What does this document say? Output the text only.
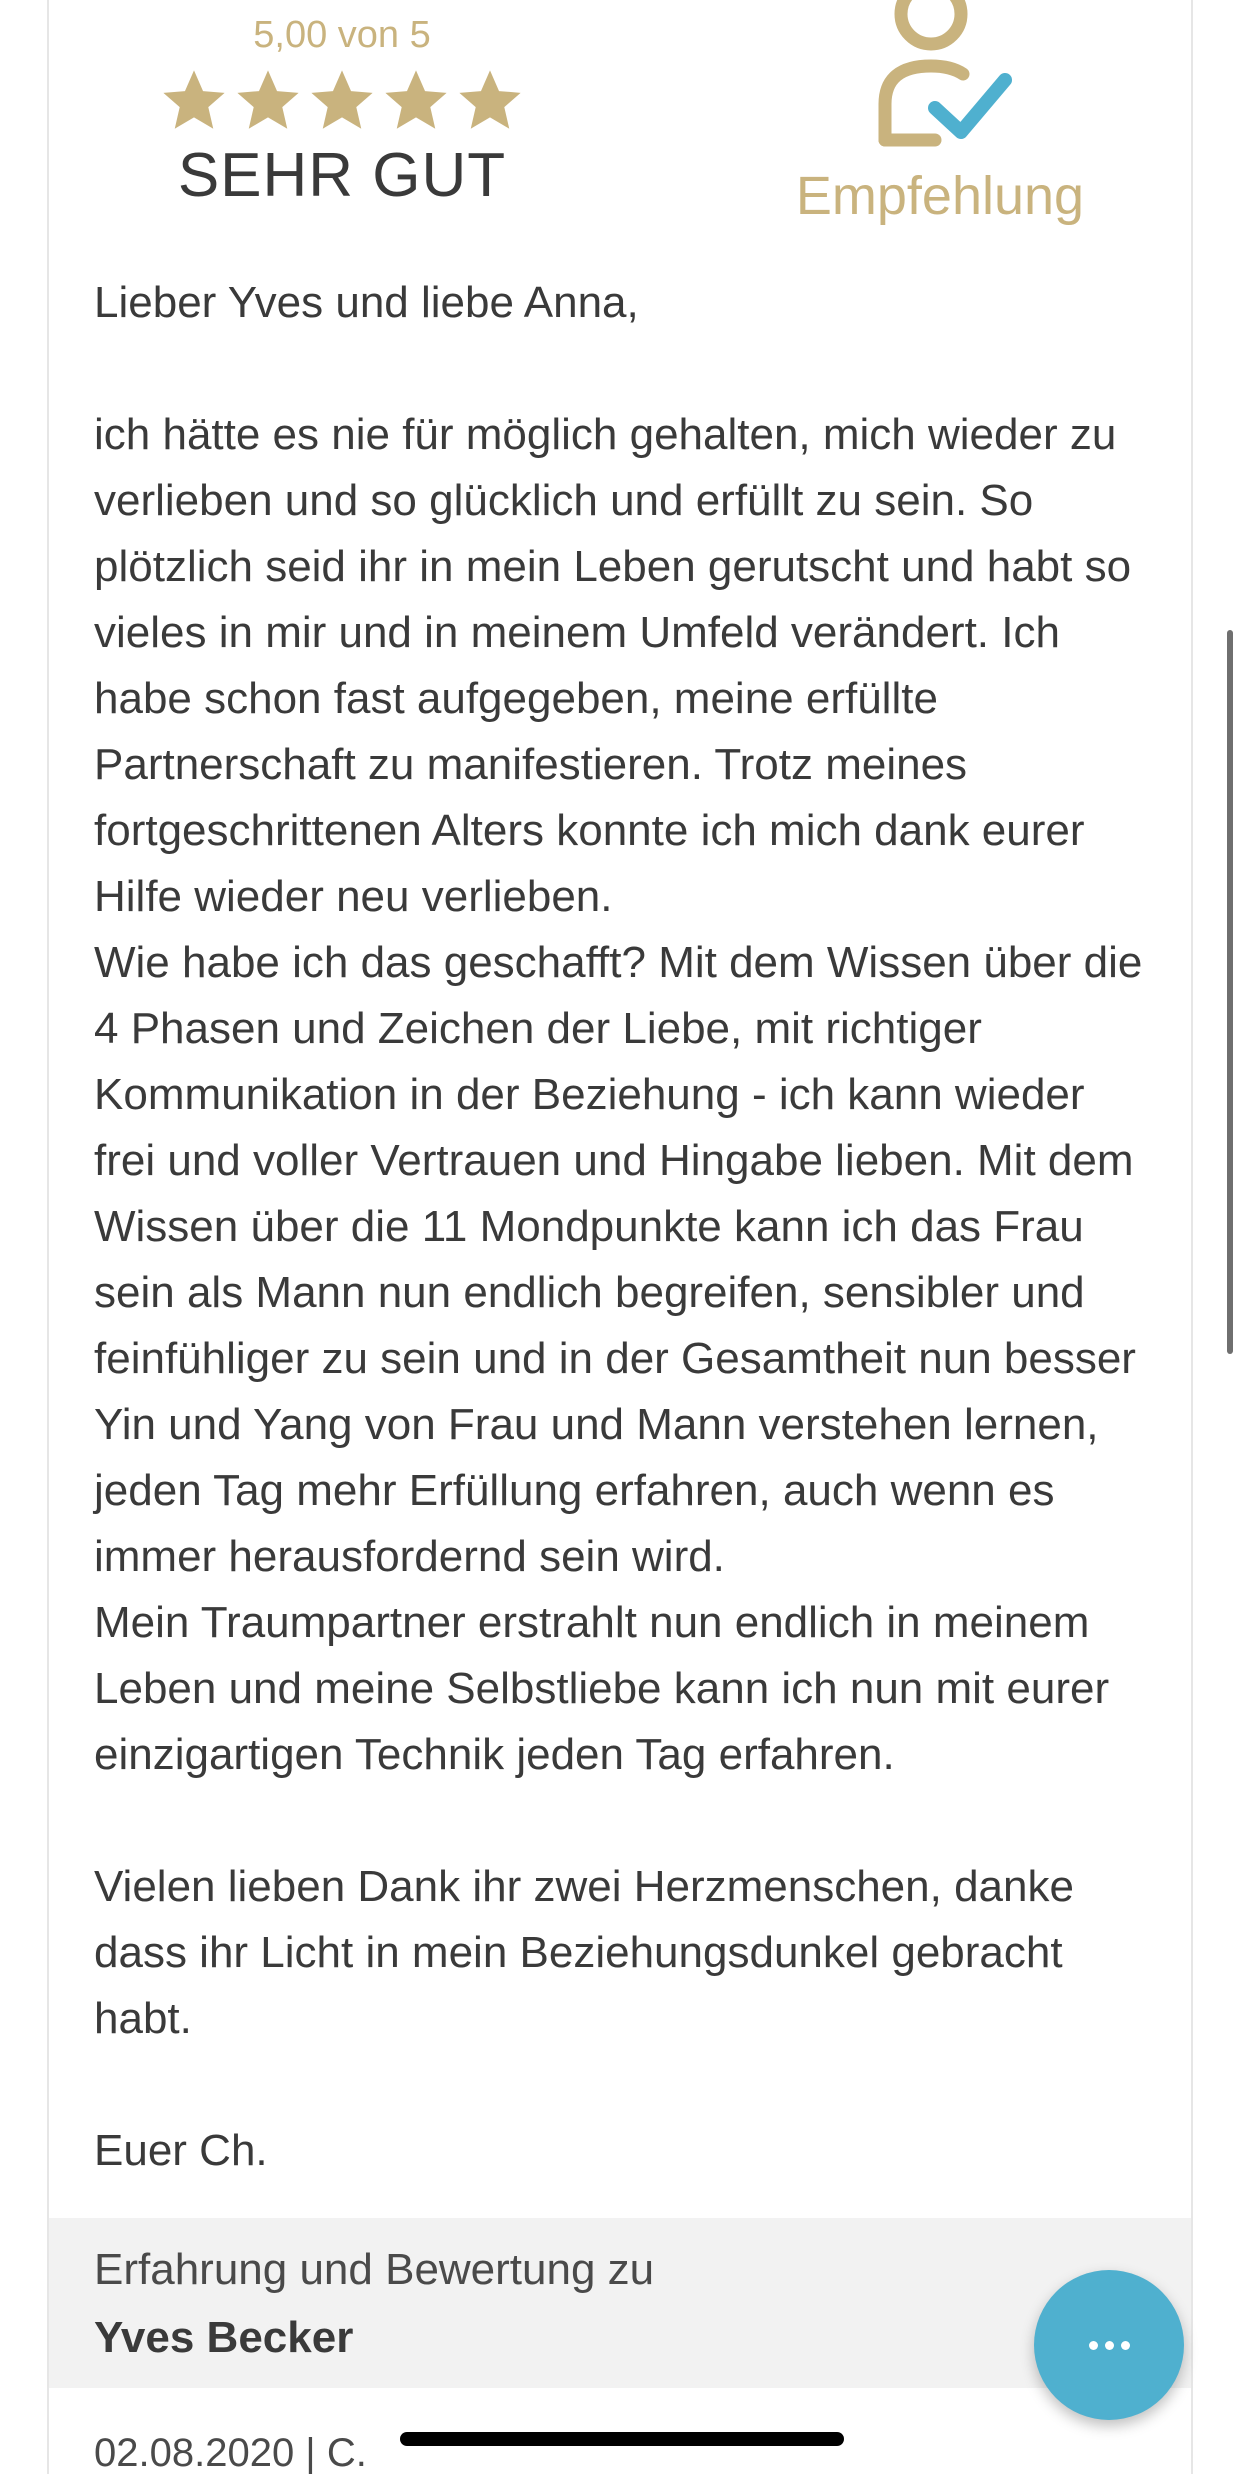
5,00 von 5
SEHR GUT	Empfehlung

Lieber Yves und liebe Anna,

ich hätte es nie für möglich gehalten, mich wieder zu verlieben und so glücklich und erfüllt zu sein. So plötzlich seid ihr in mein Leben gerutscht und habt so vieles in mir und in meinem Umfeld verändert. Ich habe schon fast aufgegeben, meine erfüllte Partnerschaft zu manifestieren. Trotz meines fortgeschrittenen Alters konnte ich mich dank eurer Hilfe wieder neu verlieben.
Wie habe ich das geschafft? Mit dem Wissen über die 4 Phasen und Zeichen der Liebe, mit richtiger Kommunikation in der Beziehung - ich kann wieder frei und voller Vertrauen und Hingabe lieben. Mit dem Wissen über die 11 Mondpunkte kann ich das Frau sein als Mann nun endlich begreifen, sensibler und feinfühliger zu sein und in der Gesamtheit nun besser Yin und Yang von Frau und Mann verstehen lernen, jeden Tag mehr Erfüllung erfahren, auch wenn es immer herausfordernd sein wird.
Mein Traumpartner erstrahlt nun endlich in meinem Leben und meine Selbstliebe kann ich nun mit eurer einzigartigen Technik jeden Tag erfahren.

Vielen lieben Dank ihr zwei Herzmenschen, danke dass ihr Licht in mein Beziehungsdunkel gebracht habt.

Euer Ch.

Erfahrung und Bewertung zu
Yves Becker
02.08.2020 | C.
